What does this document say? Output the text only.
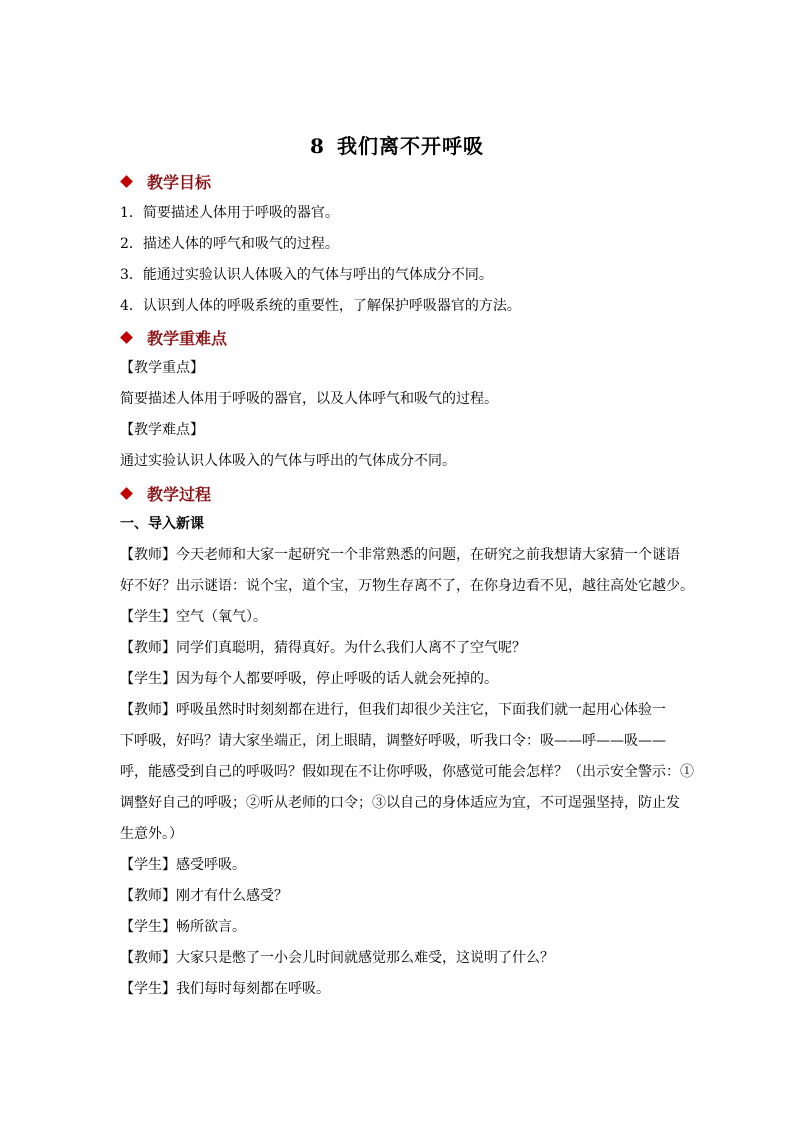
8 我们离不开呼吸
教学目标
1．简要描述人体用于呼吸的器官。
2．描述人体的呼气和吸气的过程。
3．能通过实验认识人体吸入的气体与呼出的气体成分不同。
4．认识到人体的呼吸系统的重要性，了解保护呼吸器官的方法。
教学重难点
【教学重点】
简要描述人体用于呼吸的器官，以及人体呼气和吸气的过程。
【教学难点】
通过实验认识人体吸入的气体与呼出的气体成分不同。
教学过程
一、导入新课
【教师】今天老师和大家一起研究一个非常熟悉的问题，在研究之前我想请大家猜一个谜语
好不好？出示谜语：说个宝，道个宝，万物生存离不了，在你身边看不见，越往高处它越少。
【学生】空气（氧气）。
【教师】同学们真聪明，猜得真好。为什么我们人离不了空气呢？
【学生】因为每个人都要呼吸，停止呼吸的话人就会死掉的。
【教师】呼吸虽然时时刻刻都在进行，但我们却很少关注它，下面我们就一起用心体验一
下呼吸，好吗？请大家坐端正，闭上眼睛，调整好呼吸，听我口令：吸——呼——吸——
呼，能感受到自己的呼吸吗？假如现在不让你呼吸，你感觉可能会怎样？（出示安全警示：①
调整好自己的呼吸；②听从老师的口令；③以自己的身体适应为宜，不可逞强坚持，防止发
生意外。）
【学生】感受呼吸。
【教师】刚才有什么感受？
【学生】畅所欲言。
【教师】大家只是憋了一小会儿时间就感觉那么难受，这说明了什么？
【学生】我们每时每刻都在呼吸。
